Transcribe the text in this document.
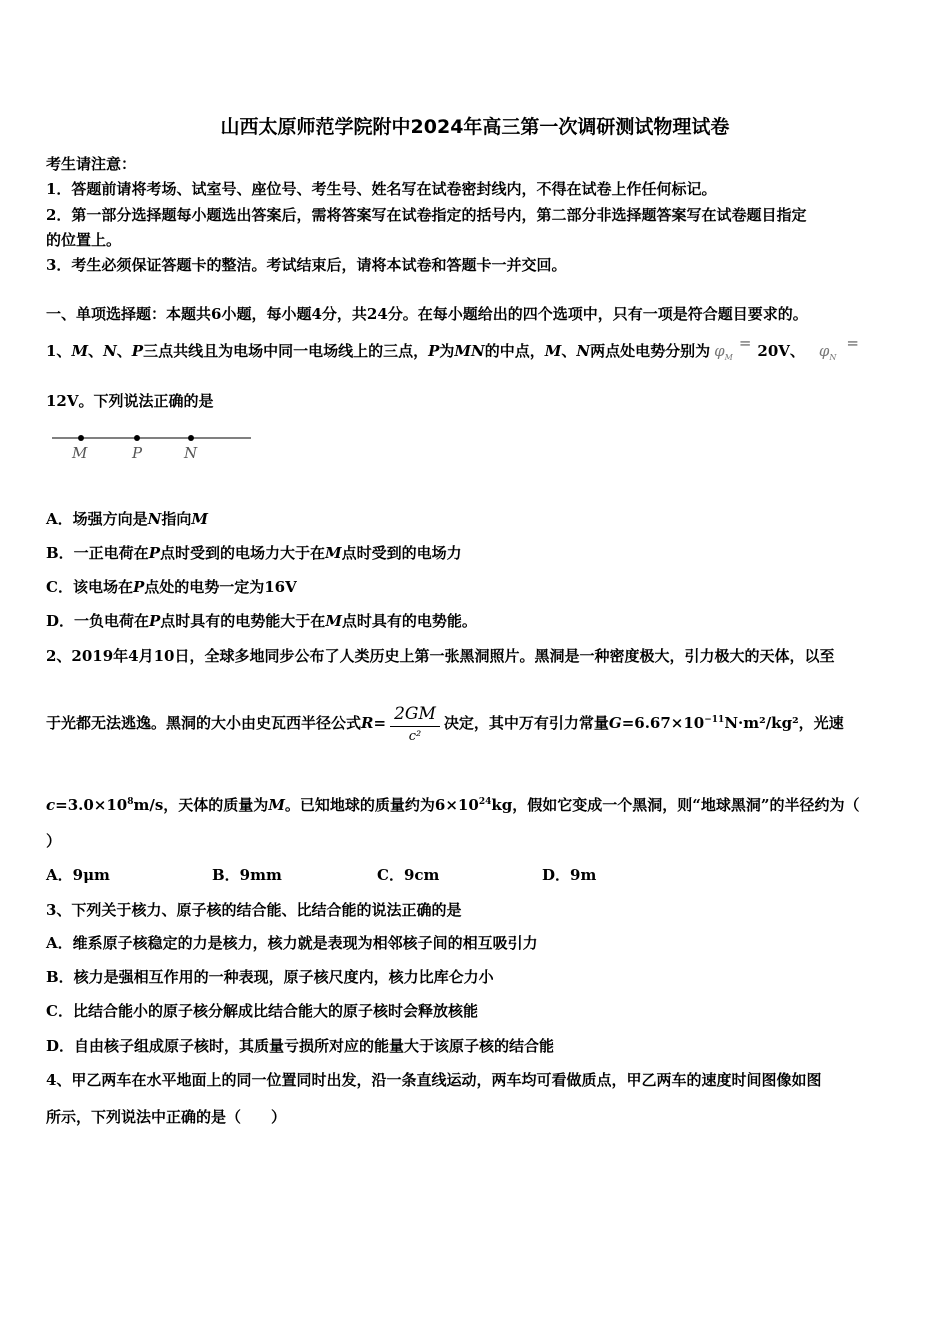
山西太原师范学院附中2024年高三第一次调研测试物理试卷
考生请注意：
1．答题前请将考场、试室号、座位号、考生号、姓名写在试卷密封线内，不得在试卷上作任何标记。
2．第一部分选择题每小题选出答案后，需将答案写在试卷指定的括号内，第二部分非选择题答案写在试卷题目指定
的位置上。
3．考生必须保证答题卡的整洁。考试结束后，请将本试卷和答题卡一并交回。
一、单项选择题：本题共6小题，每小题4分，共24分。在每小题给出的四个选项中，只有一项是符合题目要求的。
1、M、N、P三点共线且为电场中同一电场线上的三点，P为MN的中点，M、N两点处电势分别为 $\varphi_M= 20V$、 $\varphi_N=$
12V。下列说法正确的是
M	P	N
A．场强方向是N指向M
B．一正电荷在P点时受到的电场力大于在M点时受到的电场力
C．该电场在P点处的电势一定为16V
D．一负电荷在P点时具有的电势能大于在M点时具有的电势能。
2、2019年4月10日，全球多地同步公布了人类历史上第一张黑洞照片。黑洞是一种密度极大，引力极大的天体，以至
于光都无法逃逸。黑洞的大小由史瓦西半径公式$R= \frac{2GM}{\text{c²}}$ 决定，其中万有引力常量$G=6.67\times 10^{-11}N\cdot m^2$/kg²，光速
$c=3.0\times 10^8m/s$，天体的质量为M。已知地球的质量约为$6\times 10^{24}kg$，假如它变成一个黑洞，则“地球黑洞”的半径约为（
）
A．9μm	B．9mm	C．9cm	D．9m
3、下列关于核力、原子核的结合能、比结合能的说法正确的是
A．维系原子核稳定的力是核力，核力就是表现为相邻核子间的相互吸引力
B．核力是强相互作用的一种表现，原子核尺度内，核力比库仑力小
C．比结合能小的原子核分解成比结合能大的原子核时会释放核能
D．自由核子组成原子核时，其质量亏损所对应的能量大于该原子核的结合能
4、甲乙两车在水平地面上的同一位置同时出发，沿一条直线运动，两车均可看做质点，甲乙两车的速度时间图像如图
所示，下列说法中正确的是（　　）
